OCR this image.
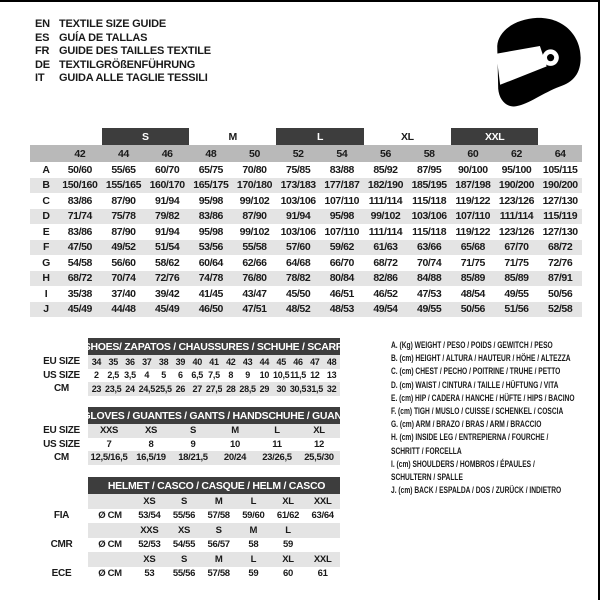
EN TEXTILE SIZE GUIDE
ES GUÍA DE TALLAS
FR GUIDE DES TAILLES TEXTILE
DE TEXTILGRÖßENFÜHRUNG
IT	GUIDA ALLE TAGLIE TESSILI
S	M	L	XL	XXL
42	44	46	48	50	52	54	56	58	60	62	64
A	50/60	55/65	60/70	65/75	70/80	75/85	83/88	85/92	87/95	90/100	95/100	105/115
B	150/160 155/165 160/170 165/175 170/180 173/183 177/187 182/190 185/195 187/198 190/200 190/200
C	83/86	87/90	91/94	95/98	99/102	103/106 107/110 111/114 115/118 119/122 123/126 127/130
D	71/74	75/78	79/82	83/86	87/90	91/94	95/98	99/102	103/106 107/110 111/114 115/119
E	83/86	87/90	91/94	95/98	99/102	103/106 107/110 111/114 115/118 119/122 123/126 127/130
F	47/50	49/52	51/54	53/56	55/58	57/60	59/62	61/63	63/66	65/68	67/70	68/72
G	54/58	56/60	58/62	60/64	62/66	64/68	66/70	68/72	70/74	71/75	71/75	72/76
H	68/72	70/74	72/76	74/78	76/80	78/82	80/84	82/86	84/88	85/89	85/89	87/91
I	35/38	37/40	39/42	41/45	43/47	45/50	46/51	46/52	47/53	48/54	49/55	50/56
J	45/49	44/48	45/49	46/50	47/51	48/52	48/53	49/54	49/55	50/56	51/56	52/58
SHOES/ ZAPATOS / CHAUSSURES / SCHUHE / SCARPE
EU SIZE	34 35 36 37 38 39 40 41 42 43 44 45 46 47 48
US SIZE	2 2,5 3,5 4	5	6 6,5 7,5 8	9	10 10,5 11,5 12 13
CM	23 23,5 24 24,5 25,5 26 27 27,5 28 28,5 29 30 30,5 31,5 32
GLOVES / GUANTES / GANTS / HANDSCHUHE / GUANTI
EU SIZE	XXS	XS	S	M	L	XL
US SIZE	7	8	9	10	11	12
CM	12,5/16,5 16,5/19	18/21,5	20/24	23/26,5	25,5/30
HELMET / CASCO / CASQUE / HELM / CASCO
XS	S	M	L	XL	XXL
FIA	Ø CM	53/54	55/56	57/58	59/60	61/62	63/64
XXS	XS	S	M	L
CMR	Ø CM	52/53	54/55	56/57	58	59
XS	S	M	L	XL	XXL
ECE	Ø CM	53	55/56	57/58	59	60	61
A. (Kg) WEIGHT / PESO / POIDS / GEWITCH / PESO
B. (cm) HEIGHT / ALTURA / HAUTEUR / HÖHE / ALTEZZA
C. (cm) CHEST / PECHO / POITRINE / TRUHE / PETTO
D. (cm) WAIST / CINTURA / TAILLE / HÜFTUNG / VITA
E. (cm) HIP / CADERA / HANCHE / HÜFTE / HIPS / BACINO
F. (cm) TIGH / MUSLO / CUISSE / SCHENKEL / COSCIA
G. (cm) ARM / BRAZO / BRAS / ARM / BRACCIO
H. (cm) INSIDE LEG / ENTREPIERNA / FOURCHE /
SCHRITT / FORCELLA
I. (cm) SHOULDERS / HOMBROS / ÉPAULES /
SCHULTERN / SPALLE
J. (cm) BACK / ESPALDA / DOS / ZURÜCK / INDIETRO
